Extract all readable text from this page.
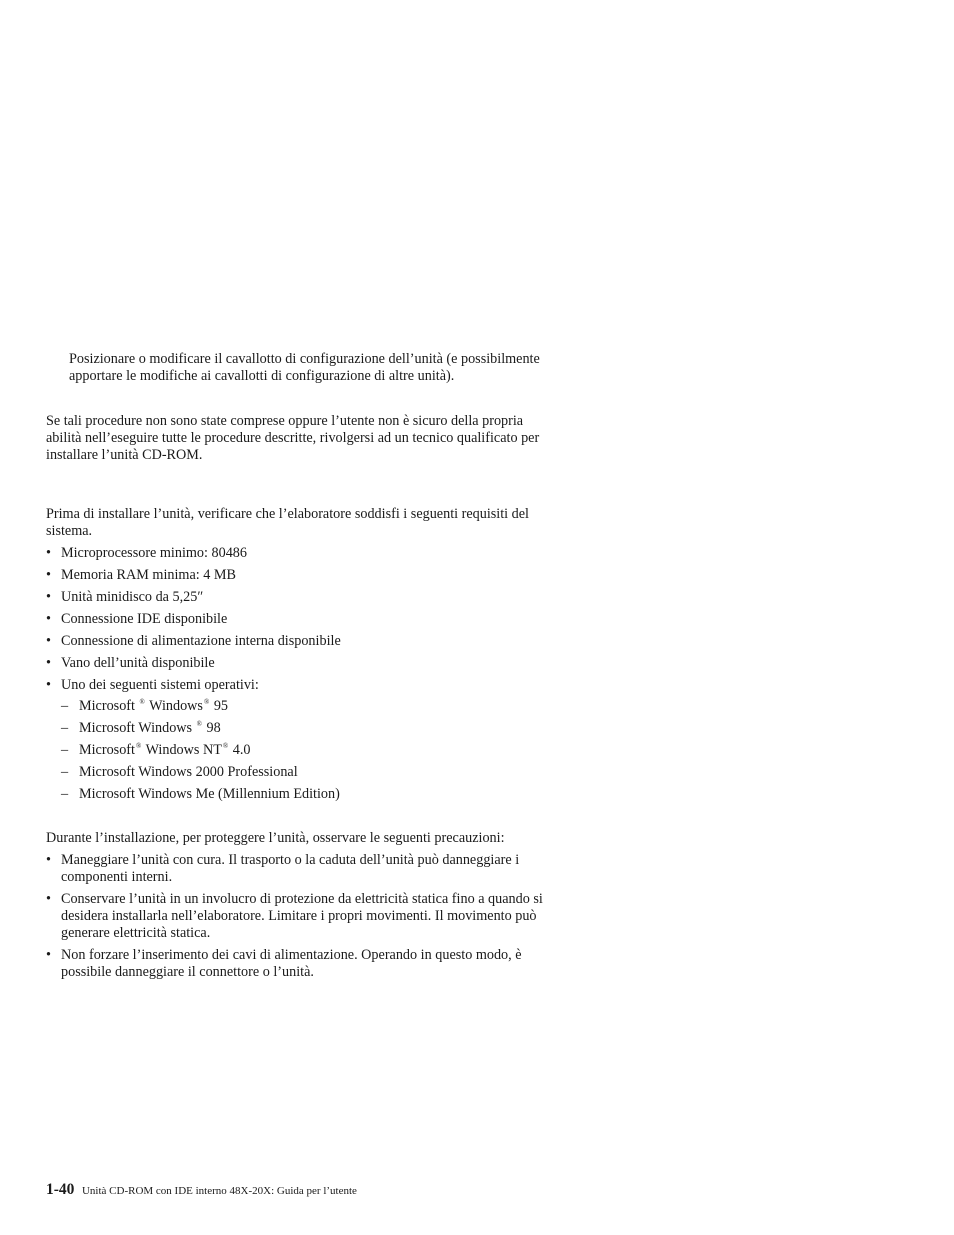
Posizionare o modificare il cavallotto di configurazione dell’unità (e possibilmente apportare le modifiche ai cavallotti di configurazione di altre unità).

Se tali procedure non sono state comprese oppure l’utente non è sicuro della propria abilità nell’eseguire tutte le procedure descritte, rivolgersi ad un tecnico qualificato per installare l’unità CD-ROM.

Prima di installare l’unità, verificare che l’elaboratore soddisfi i seguenti requisiti del sistema.

• Microprocessore minimo: 80486
• Memoria RAM minima: 4 MB
• Unità minidisco da 5,25″
• Connessione IDE disponibile
• Connessione di alimentazione interna disponibile
• Vano dell’unità disponibile
• Uno dei seguenti sistemi operativi:
– Microsoft ® Windows® 95
– Microsoft Windows ® 98
– Microsoft® Windows NT® 4.0
– Microsoft Windows 2000 Professional
– Microsoft Windows Me (Millennium Edition)

Durante l’installazione, per proteggere l’unità, osservare le seguenti precauzioni:

• Maneggiare l’unità con cura. Il trasporto o la caduta dell’unità può danneggiare i componenti interni.
• Conservare l’unità in un involucro di protezione da elettricità statica fino a quando si desidera installarla nell’elaboratore. Limitare i propri movimenti. Il movimento può generare elettricità statica.
• Non forzare l’inserimento dei cavi di alimentazione. Operando in questo modo, è possibile danneggiare il connettore o l’unità.
1-40 Unità CD-ROM con IDE interno 48X-20X: Guida per l’utente
